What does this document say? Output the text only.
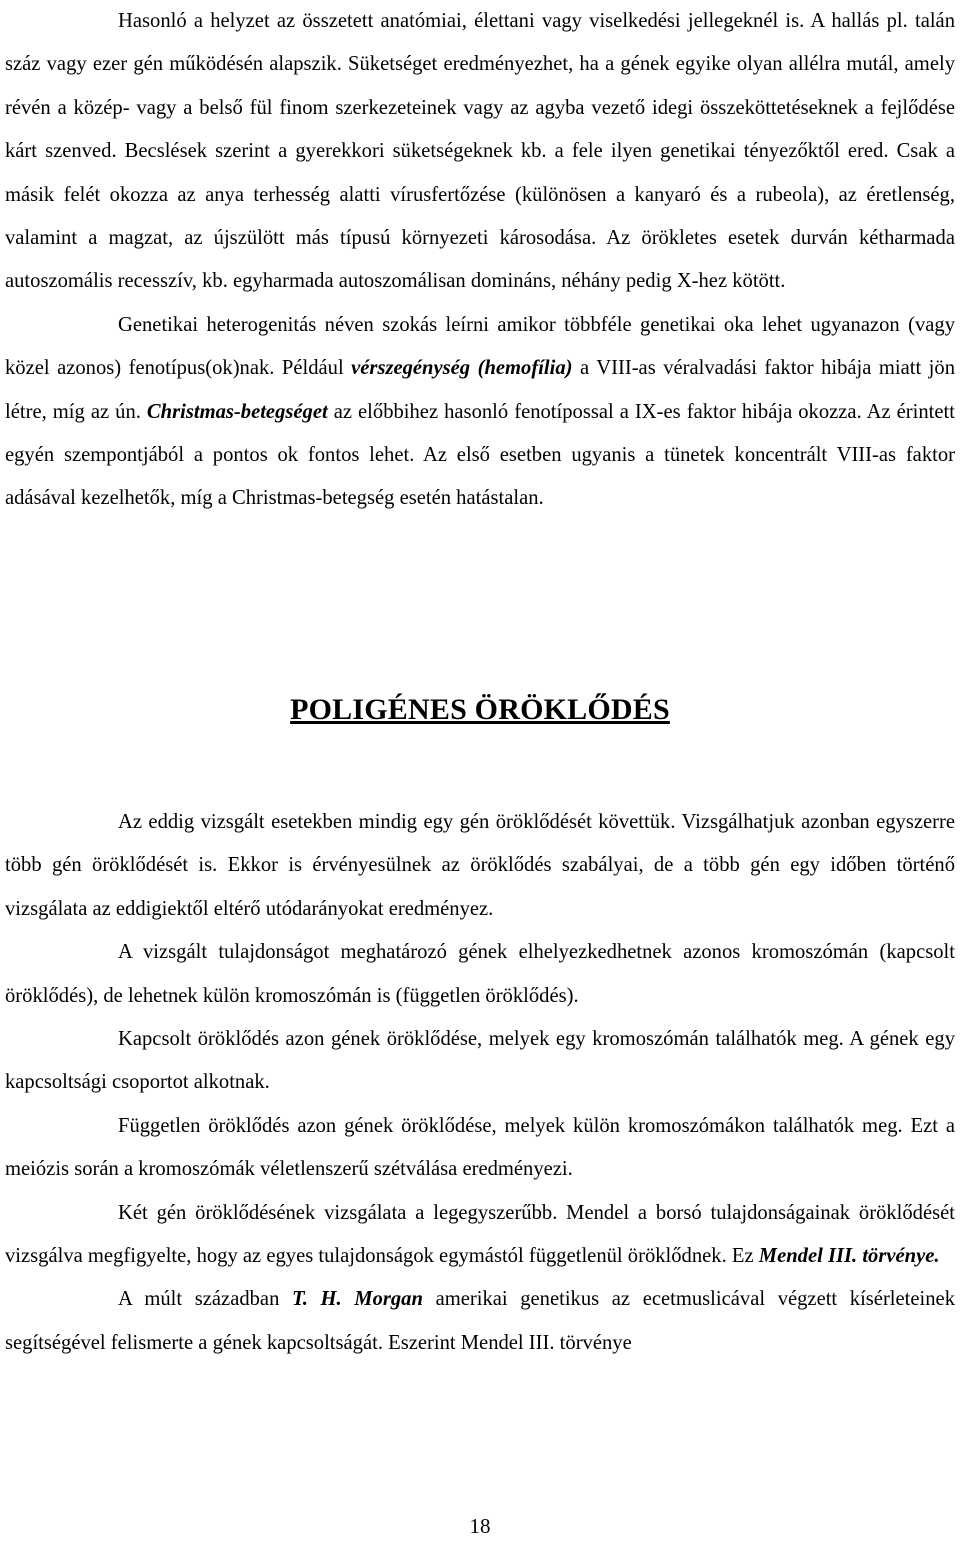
Hasonló a helyzet az összetett anatómiai, élettani vagy viselkedési jellegeknél is. A hallás pl. talán száz vagy ezer gén működésén alapszik. Süketséget eredményezhet, ha a gének egyike olyan allélra mutál, amely révén a közép- vagy a belső fül finom szerkezeteinek vagy az agyba vezető idegi összeköttetéseknek a fejlődése kárt szenved. Becslések szerint a gyerekkori süketségeknek kb. a fele ilyen genetikai tényezőktől ered. Csak a másik felét okozza az anya terhesség alatti vírusfertőzése (különösen a kanyaró és a rubeola), az éretlenség, valamint a magzat, az újszülött más típusú környezeti károsodása. Az örökletes esetek durván kétharmada autoszomális recesszív, kb. egyharmada autoszomálisan domináns, néhány pedig X-hez kötött.

Genetikai heterogenitás néven szokás leírni amikor többféle genetikai oka lehet ugyanazon (vagy közel azonos) fenotípus(ok)nak. Például vérszegénység (hemofília) a VIII-as véralvadási faktor hibája miatt jön létre, míg az ún. Christmas-betegséget az előbbihez hasonló fenotípossal a IX-es faktor hibája okozza. Az érintett egyén szempontjából a pontos ok fontos lehet. Az első esetben ugyanis a tünetek koncentrált VIII-as faktor adásával kezelhetők, míg a Christmas-betegség esetén hatástalan.

POLIGÉNES ÖRÖKLŐDÉS

Az eddig vizsgált esetekben mindig egy gén öröklődését követtük. Vizsgálhatjuk azonban egyszerre több gén öröklődését is. Ekkor is érvényesülnek az öröklődés szabályai, de a több gén egy időben történő vizsgálata az eddigiektől eltérő utódarányokat eredményez.

A vizsgált tulajdonságot meghatározó gének elhelyezkedhetnek azonos kromoszómán (kapcsolt öröklődés), de lehetnek külön kromoszómán is (független öröklődés).

Kapcsolt öröklődés azon gének öröklődése, melyek egy kromoszómán találhatók meg. A gének egy kapcsoltsági csoportot alkotnak.

Független öröklődés azon gének öröklődése, melyek külön kromoszómákon találhatók meg. Ezt a meiózis során a kromoszómák véletlenszerű szétválása eredményezi.

Két gén öröklődésének vizsgálata a legegyszerűbb. Mendel a borsó tulajdonságainak öröklődését vizsgálva megfigyelte, hogy az egyes tulajdonságok egymástól függetlenül öröklődnek. Ez Mendel III. törvénye.

A múlt században T. H. Morgan amerikai genetikus az ecetmuslicával végzett kísérleteinek segítségével felismerte a gének kapcsoltságát. Eszerint Mendel III. törvénye

18
